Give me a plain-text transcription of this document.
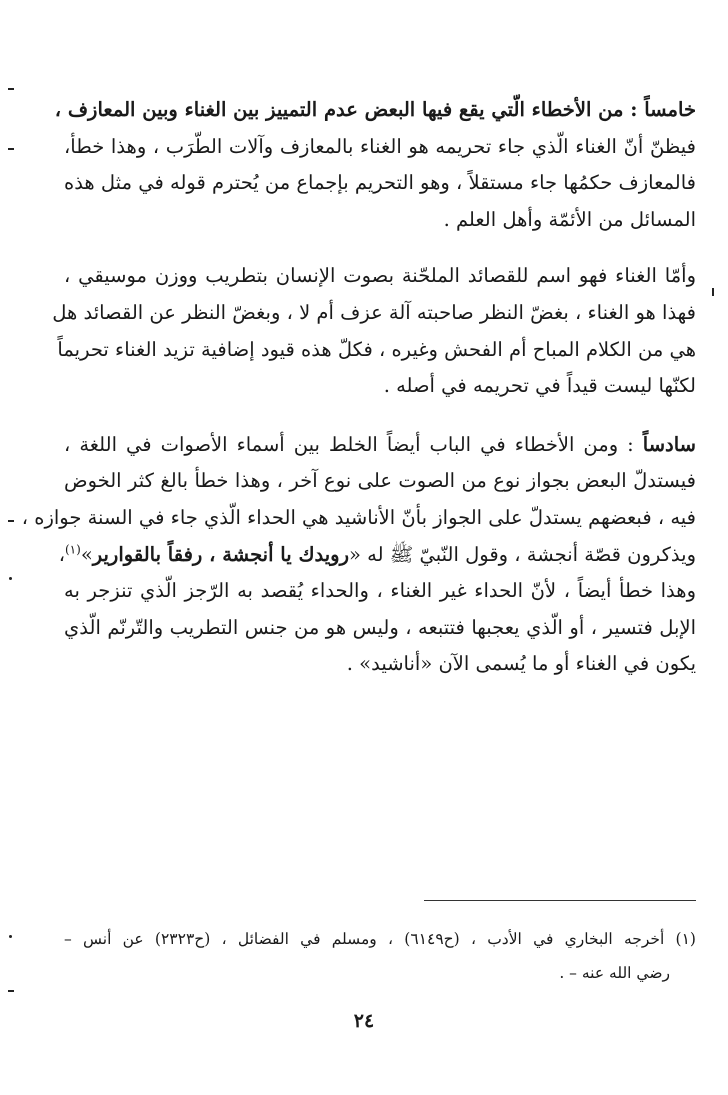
خامساً : من الأخطاء الّتي يقع فيها البعض عدم التمييز بين الغناء وبين المعازف ،
فيظنّ أنّ الغناء الّذي جاء تحريمه هو الغناء بالمعازف وآلات الطّرَب ، وهذا خطأ،
فالمعازف حكمُها جاء مستقلاً ، وهو التحريم بإجماع من يُحترم قوله في مثل هذه
المسائل من الأئمّة وأهل العلم .
وأمّا الغناء فهو اسم للقصائد الملحّنة بصوت الإنسان بتطريب ووزن موسيقي ،
فهذا هو الغناء ، بغضّ النظر صاحبته آلة عزف أم لا ، وبغضّ النظر عن القصائد هل
هي من الكلام المباح أم الفحش وغيره ، فكلّ هذه قيود إضافية تزيد الغناء تحريماً
لكنّها ليست قيداً في تحريمه في أصله .
سادساً : ومن الأخطاء في الباب أيضاً الخلط بين أسماء الأصوات في اللغة ،
فيستدلّ البعض بجواز نوع من الصوت على نوع آخر ، وهذا خطأ بالغ كثر الخوض
فيه ، فبعضهم يستدلّ على الجواز بأنّ الأناشيد هي الحداء الّذي جاء في السنة جوازه ،
ويذكرون قصّة أنجشة ، وقول النّبيّ ﷺ له «رويدك يا أنجشة ، رفقاً بالقوارير»$^{(١)}$،
وهذا خطأ أيضاً ، لأنّ الحداء غير الغناء ، والحداء يُقصد به الرّجز الّذي تنزجر به
الإبل فتسير ، أو الّذي يعجبها فتتبعه ، وليس هو من جنس التطريب والتّرنّم الّذي
يكون في الغناء أو ما يُسمى الآن «أناشيد» .
(١) أخرجه البخاري في الأدب ، (ح٦١٤٩) ، ومسلم في الفضائل ، (ح٢٣٢٣) عن أنس –
رضي الله عنه – .
٢٤
